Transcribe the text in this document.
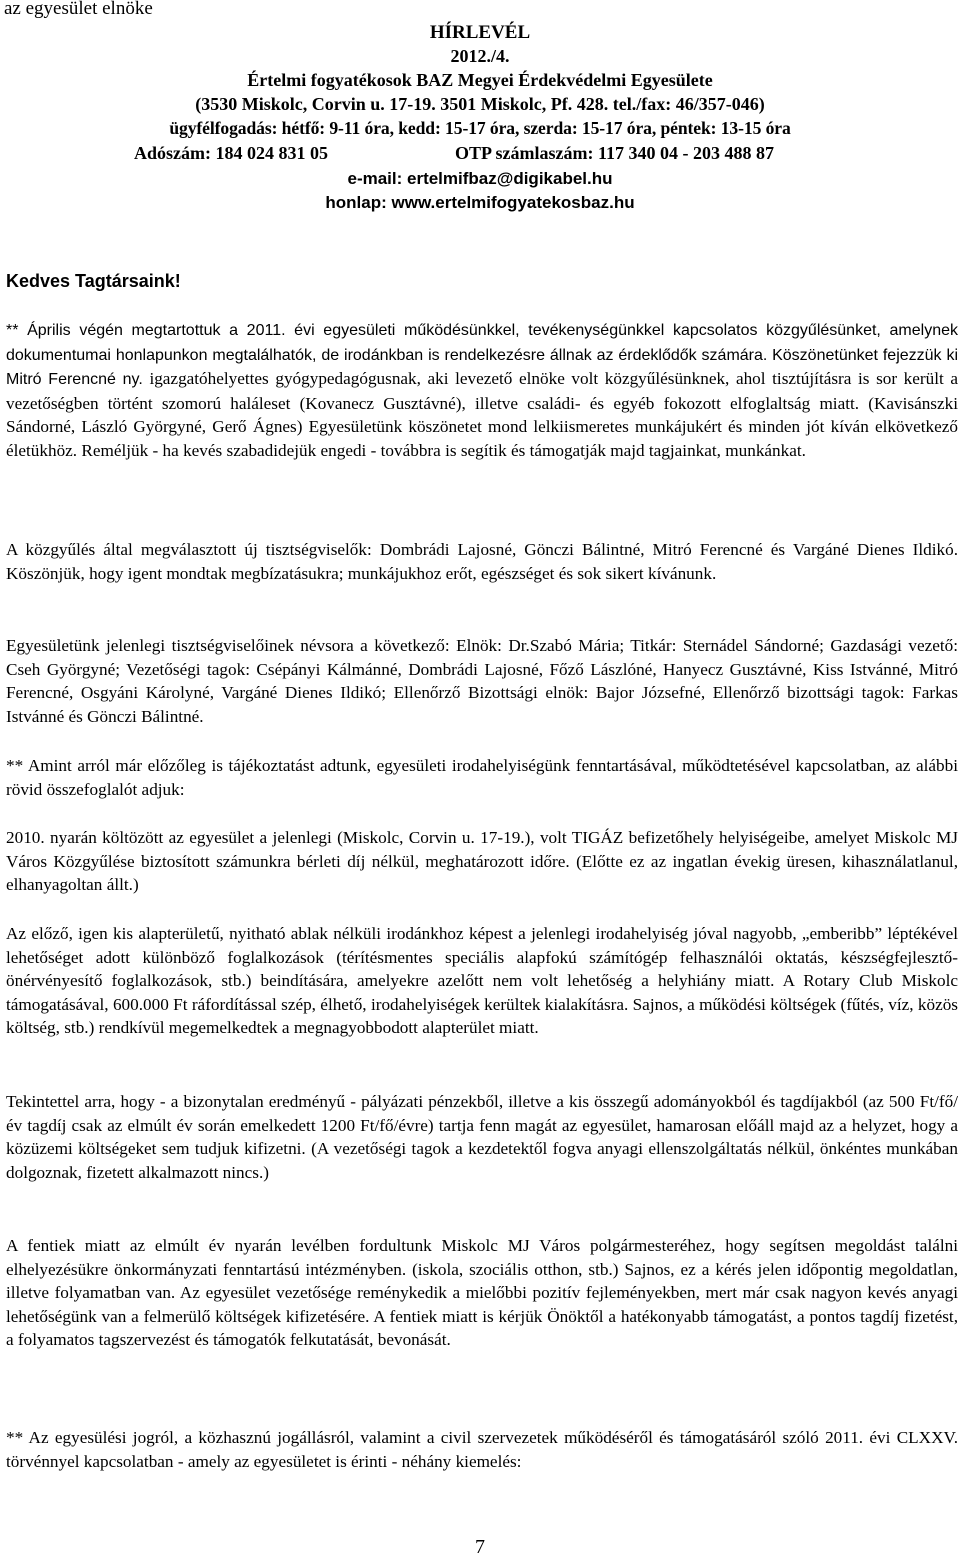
az egyesület elnöke
HÍRLEVÉL
2012./4.
Értelmi fogyatékosok BAZ Megyei Érdekvédelmi Egyesülete
(3530 Miskolc, Corvin u. 17-19. 3501 Miskolc, Pf. 428. tel./fax: 46/357-046)
ügyfélfogadás: hétfő: 9-11 óra, kedd: 15-17 óra, szerda: 15-17 óra, péntek: 13-15 óra
Adószám: 184 024 831 05	OTP számlaszám: 117 340 04 - 203 488 87
e-mail: ertelmifbaz@digikabel.hu
honlap: www.ertelmifogyatekosbaz.hu
Kedves Tagtársaink!
** Április végén megtartottuk a 2011. évi egyesületi működésünkkel, tevékenységünkkel kapcsolatos közgyűlésünket, amelynek dokumentumai honlapunkon megtalálhatók, de irodánkban is rendelkezésre állnak az érdeklődők számára. Köszönetünket fejezzük ki Mitró Ferencné ny. igazgatóhelyettes gyógypedagógusnak, aki levezető elnöke volt közgyűlésünknek, ahol tisztújításra is sor került a vezetőségben történt szomorú haláleset (Kovanecz Gusztávné), illetve családi- és egyéb fokozott elfoglaltság miatt. (Kavisánszki Sándorné, László Györgyné, Gerő Ágnes) Egyesületünk köszönetet mond lelkiismeretes munkájukért és minden jót kíván elkövetkező életükhöz. Reméljük - ha kevés szabadidejük engedi - továbbra is segítik és támogatják majd tagjainkat, munkánkat.
A közgyűlés által megválasztott új tisztségviselők: Dombrádi Lajosné, Gönczi Bálintné, Mitró Ferencné és Vargáné Dienes Ildikó. Köszönjük, hogy igent mondtak megbízatásukra; munkájukhoz erőt, egészséget és sok sikert kívánunk.
Egyesületünk jelenlegi tisztségviselőinek névsora a következő: Elnök: Dr.Szabó Mária; Titkár: Sternádel Sándorné; Gazdasági vezető: Cseh Györgyné; Vezetőségi tagok: Csépányi Kálmánné, Dombrádi Lajosné, Főző Lászlóné, Hanyecz Gusztávné, Kiss Istvánné, Mitró Ferencné, Osgyáni Károlyné, Vargáné Dienes Ildikó; Ellenőrző Bizottsági elnök: Bajor Józsefné, Ellenőrző bizottsági tagok: Farkas Istvánné és Gönczi Bálintné.
** Amint arról már előzőleg is tájékoztatást adtunk, egyesületi irodahelyiségünk fenntartásával, működtetésével kapcsolatban, az alábbi rövid összefoglalót adjuk:
2010. nyarán költözött az egyesület a jelenlegi (Miskolc, Corvin u. 17-19.), volt TIGÁZ befizetőhely helyiségeibe, amelyet Miskolc MJ Város Közgyűlése biztosított számunkra bérleti díj nélkül, meghatározott időre. (Előtte ez az ingatlan évekig üresen, kihasználatlanul, elhanyagoltan állt.)
Az előző, igen kis alapterületű, nyitható ablak nélküli irodánkhoz képest a jelenlegi irodahelyiség jóval nagyobb, „emberibb” léptékével lehetőséget adott különböző foglalkozások (térítésmentes speciális alapfokú számítógép felhasználói oktatás, készségfejlesztő-önérvényesítő foglalkozások, stb.) beindítására, amelyekre azelőtt nem volt lehetőség a helyhiány miatt. A Rotary Club Miskolc támogatásával, 600.000 Ft ráfordítással szép, élhető, irodahelyiségek kerültek kialakításra. Sajnos, a működési költségek (fűtés, víz, közös költség, stb.) rendkívül megemelkedtek a megnagyobbodott alapterület miatt.
Tekintettel arra, hogy - a bizonytalan eredményű - pályázati pénzekből, illetve a kis összegű adományokból és tagdíjakból (az 500 Ft/fő/év tagdíj csak az elmúlt év során emelkedett 1200 Ft/fő/évre) tartja fenn magát az egyesület, hamarosan előáll majd az a helyzet, hogy a közüzemi költségeket sem tudjuk kifizetni. (A vezetőségi tagok a kezdetektől fogva anyagi ellenszolgáltatás nélkül, önkéntes munkában dolgoznak, fizetett alkalmazott nincs.)
A fentiek miatt az elmúlt év nyarán levélben fordultunk Miskolc MJ Város polgármesteréhez, hogy segítsen megoldást találni elhelyezésükre önkormányzati fenntartású intézményben. (iskola, szociális otthon, stb.) Sajnos, ez a kérés jelen időpontig megoldatlan, illetve folyamatban van. Az egyesület vezetősége reménykedik a mielőbbi pozitív fejleményekben, mert már csak nagyon kevés anyagi lehetőségünk van a felmerülő költségek kifizetésére. A fentiek miatt is kérjük Önöktől a hatékonyabb támogatást, a pontos tagdíj fizetést, a folyamatos tagszervezést és támogatók felkutatását, bevonását.
** Az egyesülési jogról, a közhasznú jogállásról, valamint a civil szervezetek működéséről és támogatásáról szóló 2011. évi CLXXV. törvénnyel kapcsolatban - amely az egyesületet is érinti - néhány kiemelés:
7
